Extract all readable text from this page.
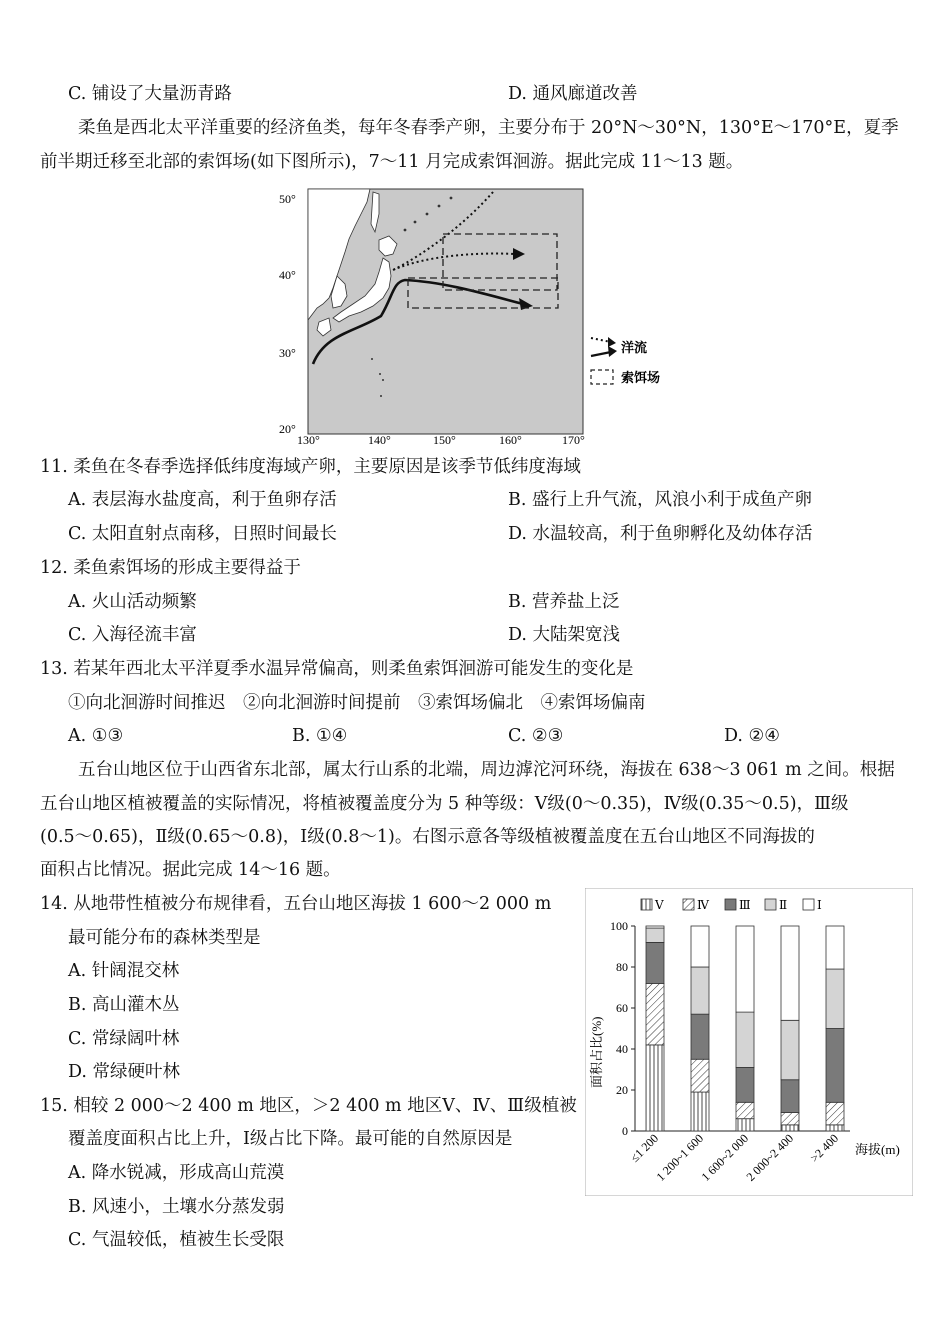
C. 铺设了大量沥青路	D. 通风廊道改善
柔鱼是西北太平洋重要的经济鱼类，每年冬春季产卵，主要分布于 20°N～30°N，130°E～170°E，夏季
前半期迁移至北部的索饵场(如下图所示)，7～11 月完成索饵洄游。据此完成 11～13 题。
50°
40°
30°
20°
130°	140°	150°	160°	170°
洋流
索饵场
11. 柔鱼在冬春季选择低纬度海域产卵，主要原因是该季节低纬度海域
A. 表层海水盐度高，利于鱼卵存活	B. 盛行上升气流，风浪小利于成鱼产卵
C. 太阳直射点南移，日照时间最长	D. 水温较高，利于鱼卵孵化及幼体存活
12. 柔鱼索饵场的形成主要得益于
A. 火山活动频繁	B. 营养盐上泛
C. 入海径流丰富	D. 大陆架宽浅
13. 若某年西北太平洋夏季水温异常偏高，则柔鱼索饵洄游可能发生的变化是
①向北洄游时间推迟　②向北洄游时间提前　③索饵场偏北　④索饵场偏南
A. ①③	B. ①④	C. ②③	D. ②④
五台山地区位于山西省东北部，属太行山系的北端，周边滹沱河环绕，海拔在 638～3 061 m 之间。根据
五台山地区植被覆盖的实际情况，将植被覆盖度分为 5 种等级：Ⅴ级(0～0.35)，Ⅳ级(0.35～0.5)，Ⅲ级
(0.5～0.65)，Ⅱ级(0.65～0.8)，Ⅰ级(0.8～1)。右图示意各等级植被覆盖度在五台山地区不同海拔的
面积占比情况。据此完成 14～16 题。
14. 从地带性植被分布规律看，五台山地区海拔 1 600～2 000 m
最可能分布的森林类型是
A. 针阔混交林
B. 高山灌木丛
C. 常绿阔叶林
D. 常绿硬叶林
15. 相较 2 000～2 400 m 地区，＞2 400 m 地区Ⅴ、Ⅳ、Ⅲ级植被
覆盖度面积占比上升，Ⅰ级占比下降。最可能的自然原因是
A. 降水锐减，形成高山荒漠
B. 风速小，土壤水分蒸发弱
C. 气温较低，植被生长受限
Ⅴ	Ⅳ	Ⅲ Ⅱ Ⅰ
0
20
40
60
80
100
≤1 200
1 200~1 600
1 600~2 000
2 000~2 400 >2 400
面积占比(%)
海拔(m)
